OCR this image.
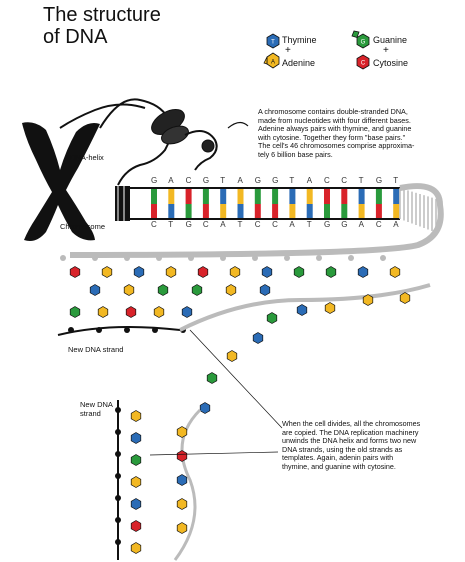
The structure
of DNA	T
A
G
C
Thymine
+
Adenine
Guanine
+
Cytosine
A chromosome contains double-stranded DNA,
made from nucleotides with four different bases.
Adenine always pairs with thymine, and guanine
with cytosine. Together they form "base pairs."
The cell's 46 chromosomes comprise approxima-
tely 6 billion base pairs.
When the cell divides, all the chromosomes
are copied. The DNA replication machinery
unwinds the DNA helix and forms two new
DNA strands, using the old strands as
templates. Again, adenin pairs with
thymine, and guanine with cytosine.
DNA-helix
Chromosome
New DNA strand
New DNA
strand
G
C
A
T
C
G
G
C
T
A
A
T
G
C
G
C
T
A
A
T
C
G
C
G
T
A
G
C
T
A
